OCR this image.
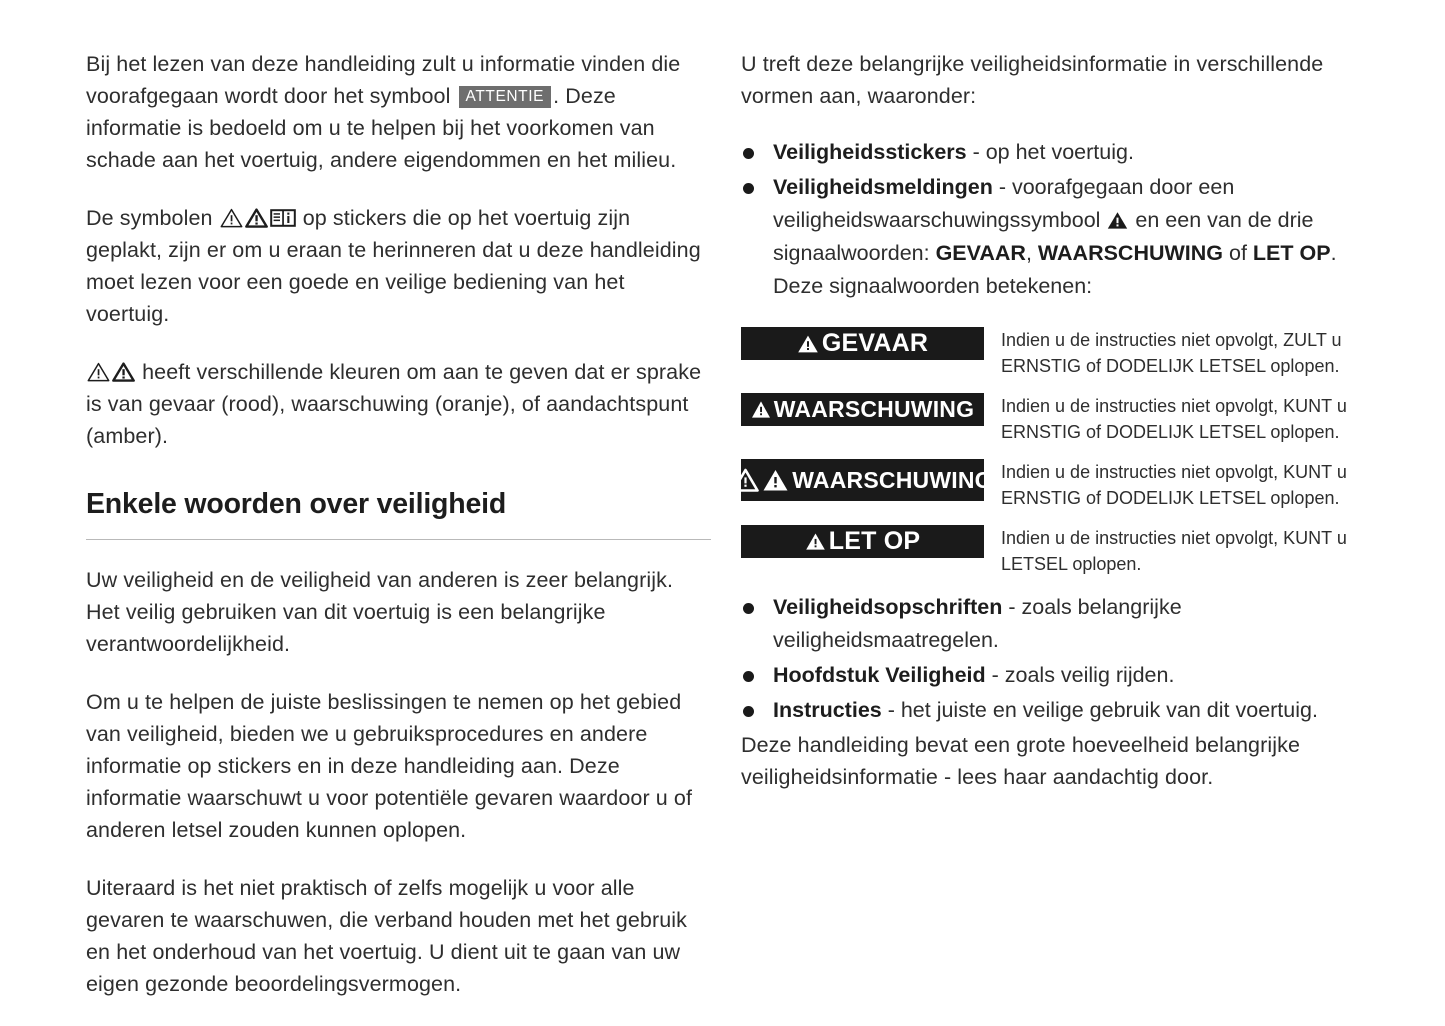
Bij het lezen van deze handleiding zult u informatie vinden die voorafgegaan wordt door het symbool ATTENTIE . Deze informatie is bedoeld om u te helpen bij het voorkomen van schade aan het voertuig, andere eigendommen en het milieu.

De symbolen	op stickers die op het voertuig zijn geplakt, zijn er om u eraan te herinneren dat u deze handleiding moet lezen voor een goede en veilige bediening van het voertuig.

heeft verschillende kleuren om aan te geven dat er sprake is van gevaar (rood), waarschuwing (oranje), of aandachtspunt (amber).

Enkele woorden over veiligheid

Uw veiligheid en de veiligheid van anderen is zeer belangrijk. Het veilig gebruiken van dit voertuig is een belangrijke verantwoordelijkheid.

Om u te helpen de juiste beslissingen te nemen op het gebied van veiligheid, bieden we u gebruiksprocedures en andere informatie op stickers en in deze handleiding aan. Deze informatie waarschuwt u voor potentiële gevaren waardoor u of anderen letsel zouden kunnen oplopen.

Uiteraard is het niet praktisch of zelfs mogelijk u voor alle gevaren te waarschuwen, die verband houden met het gebruik en het onderhoud van het voertuig. U dient uit te gaan van uw eigen gezonde beoordelingsvermogen.

U treft deze belangrijke veiligheidsinformatie in verschillende vormen aan, waaronder:

Veiligheidsstickers - op het voertuig.
Veiligheidsmeldingen - voorafgegaan door een
veiligheidswaarschuwingssymbool en een van de drie
signaalwoorden: GEVAAR, WAARSCHUWING of LET OP.
Deze signaalwoorden betekenen:
GEVAAR	Indien u de instructies niet opvolgt, ZULT u
ERNSTIG of DODELIJK LETSEL oplopen.
WAARSCHUWING Indien u de instructies niet opvolgt, KUNT u
ERNSTIG of DODELIJK LETSEL oplopen.
WAARSCHUWING Indien u de instructies niet opvolgt, KUNT u
ERNSTIG of DODELIJK LETSEL oplopen.
LET OP	Indien u de instructies niet opvolgt, KUNT u
LETSEL oplopen.
Veiligheidsopschriften - zoals belangrijke
veiligheidsmaatregelen.
Hoofdstuk Veiligheid - zoals veilig rijden.
Instructies - het juiste en veilige gebruik van dit voertuig.

Deze handleiding bevat een grote hoeveelheid belangrijke veiligheidsinformatie - lees haar aandachtig door.
